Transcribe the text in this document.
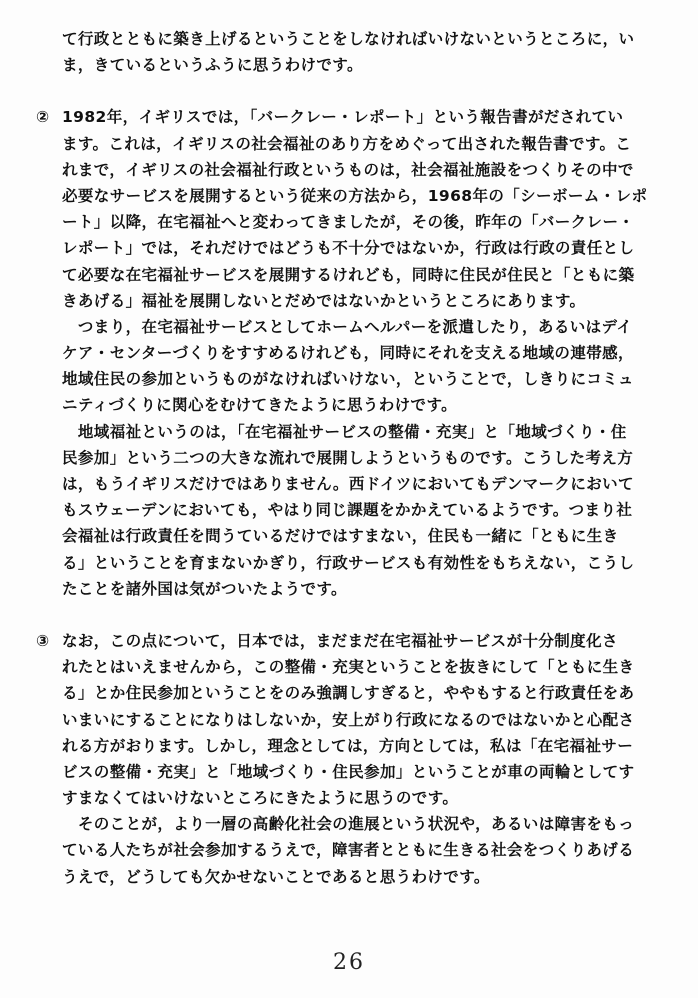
て行政とともに築き上げるということをしなければいけないというところに，い
ま，きているというふうに思うわけです。
② 1982年，イギリスでは，「バークレー・レポート」という報告書がだされてい
ます。これは，イギリスの社会福祉のあり方をめぐって出された報告書です。こ
れまで，イギリスの社会福祉行政というものは，社会福祉施設をつくりその中で
必要なサービスを展開するという従来の方法から，1968年の「シーボーム・レポ
ート」以降，在宅福祉へと変わってきましたが，その後，昨年の「バークレー・
レポート」では，それだけではどうも不十分ではないか，行政は行政の責任とし
て必要な在宅福祉サービスを展開するけれども，同時に住民が住民と「ともに築
きあげる」福祉を展開しないとだめではないかというところにあります。
　つまり，在宅福祉サービスとしてホームヘルパーを派遣したり，あるいはデイ
ケア・センターづくりをすすめるけれども，同時にそれを支える地域の連帯感，
地域住民の参加というものがなければいけない，ということで，しきりにコミュ
ニティづくりに関心をむけてきたように思うわけです。
　地域福祉というのは，「在宅福祉サービスの整備・充実」と「地域づくり・住
民参加」という二つの大きな流れで展開しようというものです。こうした考え方
は，もうイギリスだけではありません。西ドイツにおいてもデンマークにおいて
もスウェーデンにおいても，やはり同じ課題をかかえているようです。つまり社
会福祉は行政責任を問うているだけではすまない，住民も一緒に「ともに生き
る」ということを育まないかぎり，行政サービスも有効性をもちえない，こうし
たことを諸外国は気がついたようです。
③ なお，この点について，日本では，まだまだ在宅福祉サービスが十分制度化さ
れたとはいえませんから，この整備・充実ということを抜きにして「ともに生き
る」とか住民参加ということをのみ強調しすぎると，ややもすると行政責任をあ
いまいにすることになりはしないか，安上がり行政になるのではないかと心配さ
れる方がおります。しかし，理念としては，方向としては，私は「在宅福祉サー
ビスの整備・充実」と「地域づくり・住民参加」ということが車の両輪としてす
すまなくてはいけないところにきたように思うのです。
　そのことが，より一層の高齢化社会の進展という状況や，あるいは障害をもっ
ている人たちが社会参加するうえで，障害者とともに生きる社会をつくりあげる
うえで，どうしても欠かせないことであると思うわけです。
26
